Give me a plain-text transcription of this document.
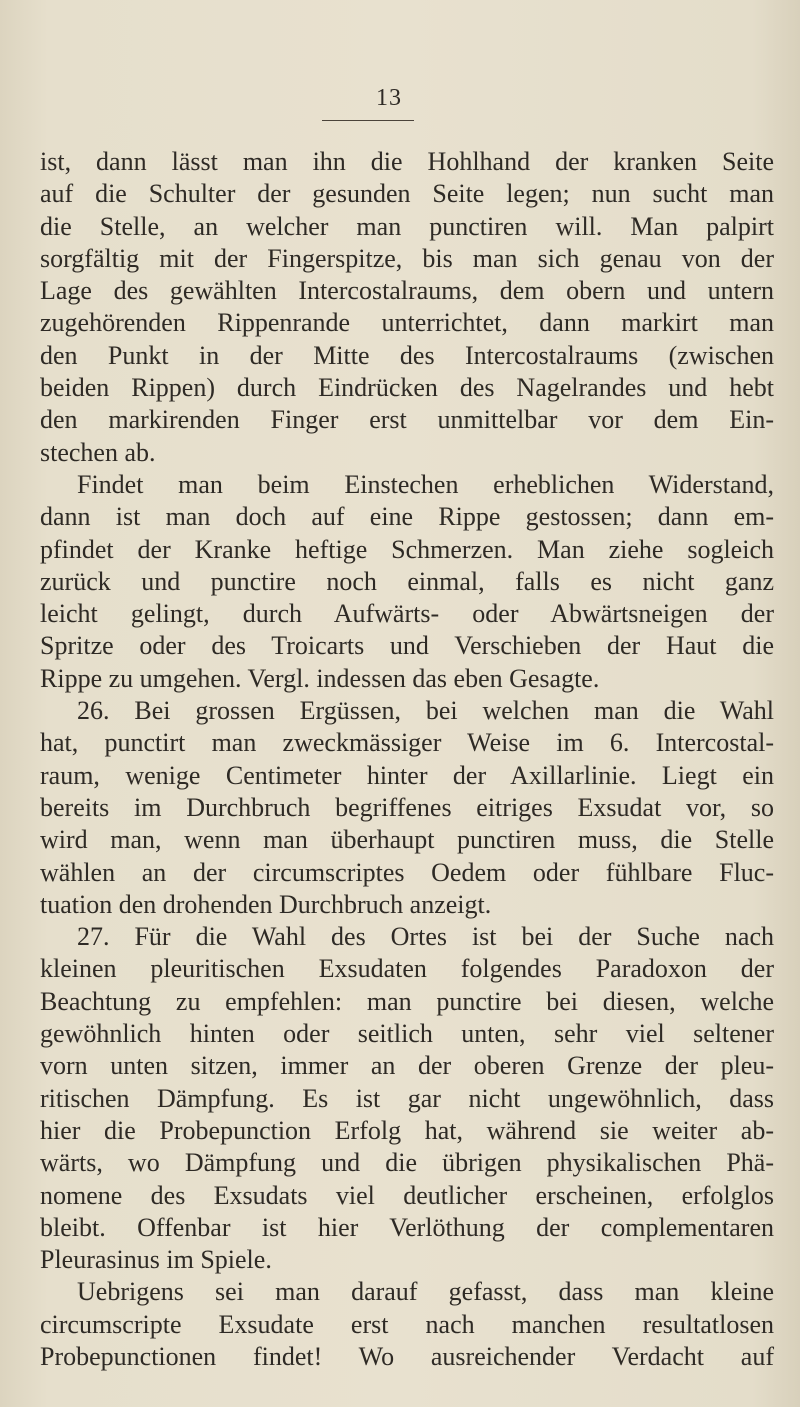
13
ist, dann lässt man ihn die Hohlhand der kranken Seite
auf die Schulter der gesunden Seite legen; nun sucht man
die Stelle, an welcher man punctiren will. Man palpirt
sorgfältig mit der Fingerspitze, bis man sich genau von der
Lage des gewählten Intercostalraums, dem obern und untern
zugehörenden Rippenrande unterrichtet, dann markirt man
den Punkt in der Mitte des Intercostalraums (zwischen
beiden Rippen) durch Eindrücken des Nagelrandes und hebt
den markirenden Finger erst unmittelbar vor dem Ein-
stechen ab.
Findet man beim Einstechen erheblichen Widerstand,
dann ist man doch auf eine Rippe gestossen; dann em-
pfindet der Kranke heftige Schmerzen. Man ziehe sogleich
zurück und punctire noch einmal, falls es nicht ganz
leicht gelingt, durch Aufwärts- oder Abwärtsneigen der
Spritze oder des Troicarts und Verschieben der Haut die
Rippe zu umgehen. Vergl. indessen das eben Gesagte.
26. Bei grossen Ergüssen, bei welchen man die Wahl
hat, punctirt man zweckmässiger Weise im 6. Intercostal-
raum, wenige Centimeter hinter der Axillarlinie. Liegt ein
bereits im Durchbruch begriffenes eitriges Exsudat vor, so
wird man, wenn man überhaupt punctiren muss, die Stelle
wählen an der circumscriptes Oedem oder fühlbare Fluc-
tuation den drohenden Durchbruch anzeigt.
27. Für die Wahl des Ortes ist bei der Suche nach
kleinen pleuritischen Exsudaten folgendes Paradoxon der
Beachtung zu empfehlen: man punctire bei diesen, welche
gewöhnlich hinten oder seitlich unten, sehr viel seltener
vorn unten sitzen, immer an der oberen Grenze der pleu-
ritischen Dämpfung. Es ist gar nicht ungewöhnlich, dass
hier die Probepunction Erfolg hat, während sie weiter ab-
wärts, wo Dämpfung und die übrigen physikalischen Phä-
nomene des Exsudats viel deutlicher erscheinen, erfolglos
bleibt. Offenbar ist hier Verlöthung der complementaren
Pleurasinus im Spiele.
Uebrigens sei man darauf gefasst, dass man kleine
circumscripte Exsudate erst nach manchen resultatlosen
Probepunctionen findet! Wo ausreichender Verdacht auf
